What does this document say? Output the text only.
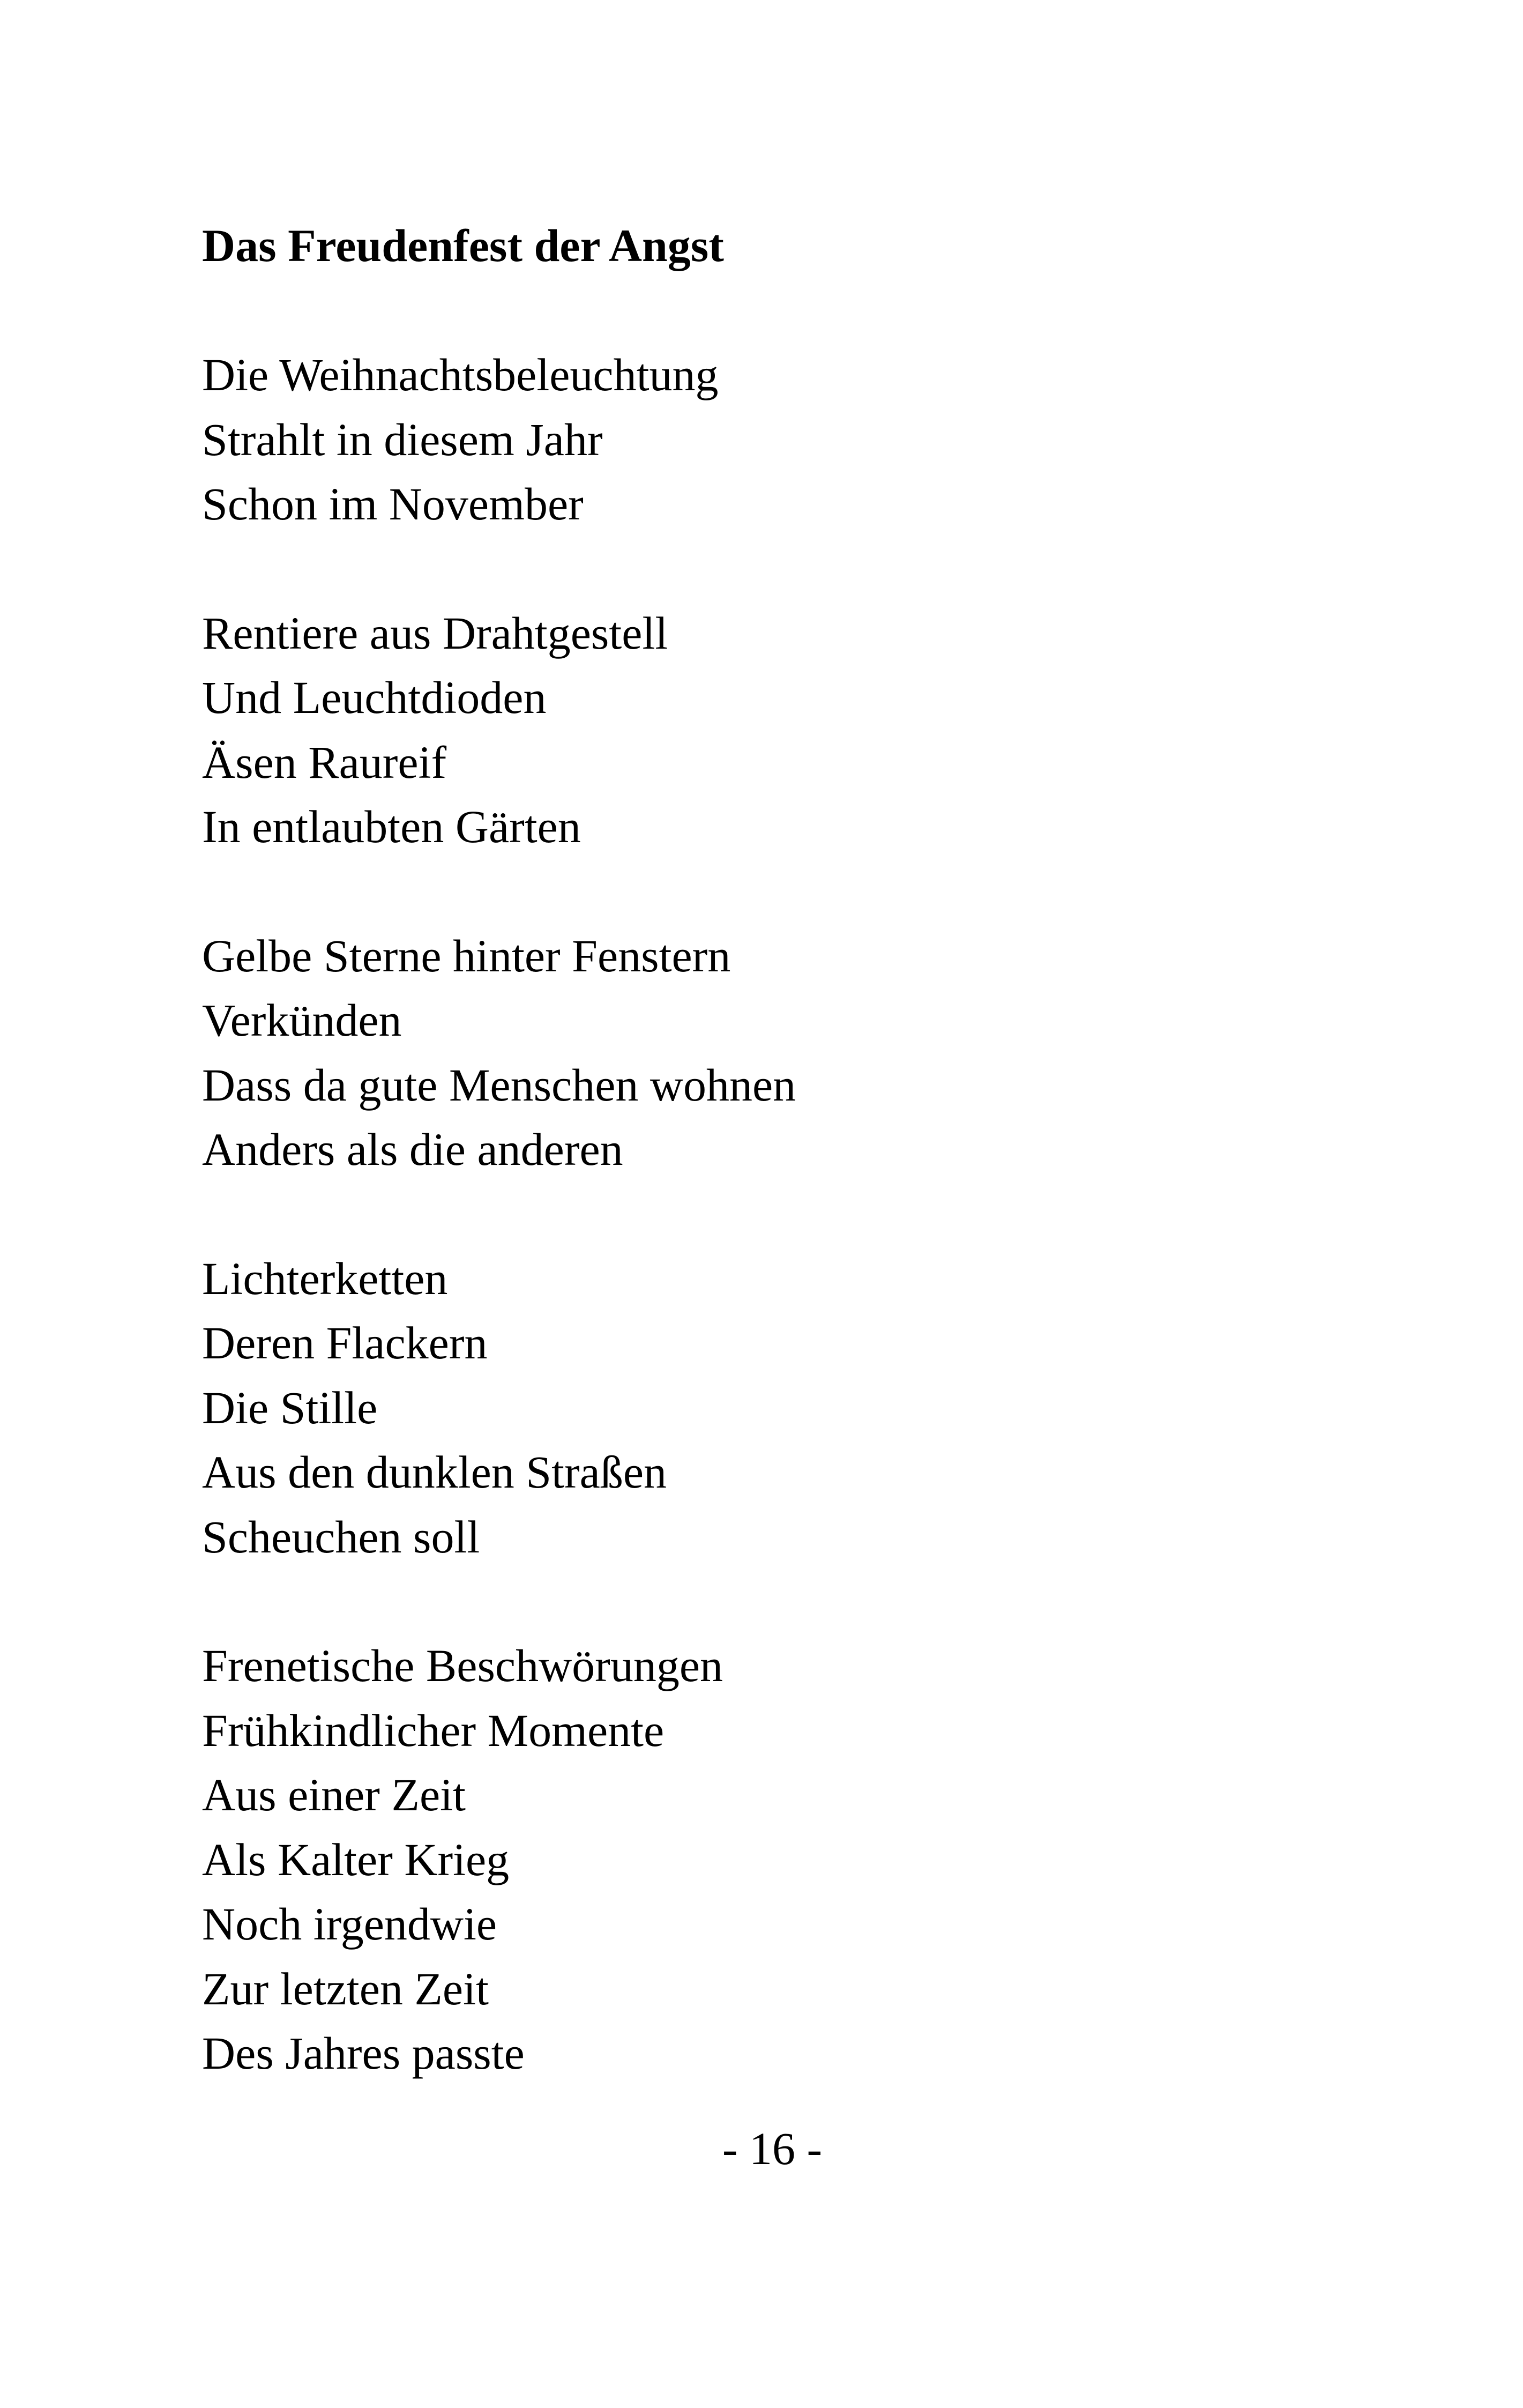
Das Freudenfest der Angst

Die Weihnachtsbeleuchtung
Strahlt in diesem Jahr
Schon im November

Rentiere aus Drahtgestell
Und Leuchtdioden
Äsen Raureif
In entlaubten Gärten

Gelbe Sterne hinter Fenstern
Verkünden
Dass da gute Menschen wohnen
Anders als die anderen

Lichterketten
Deren Flackern
Die Stille
Aus den dunklen Straßen
Scheuchen soll

Frenetische Beschwörungen
Frühkindlicher Momente
Aus einer Zeit
Als Kalter Krieg
Noch irgendwie
Zur letzten Zeit
Des Jahres passte

- 16 -
